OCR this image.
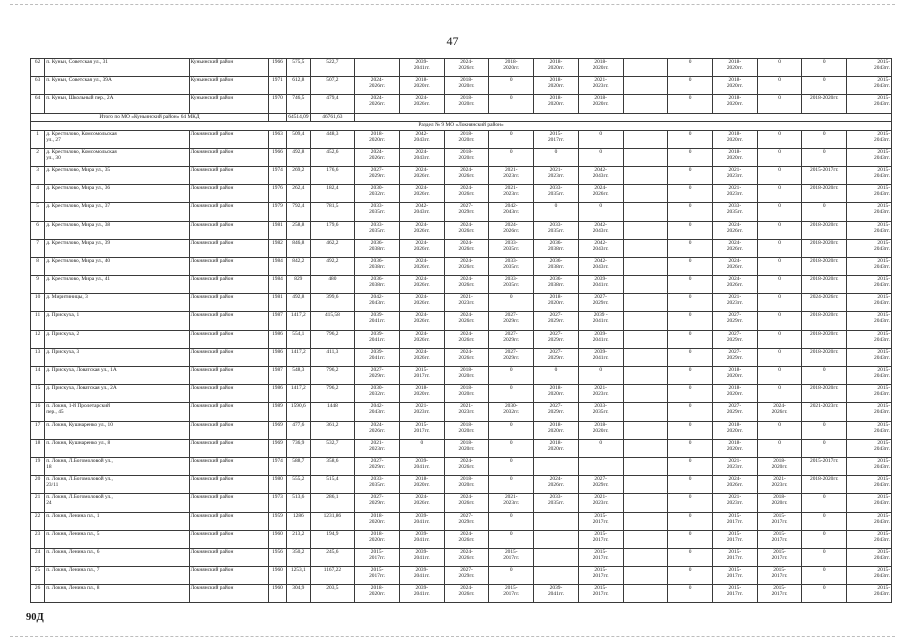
47
62	п. Куньи, Советская ул., 31	Куньинский район	1966	575,5	522,7		2039-
2041гг.	2024-
2026гг.	2018-
2020гг.	2018-
2020гг.	2018-
2020гг.		0	2018-
2020гг.	0	0	2015-
2043гг.
63	п. Куньи, Советская ул., 39А	Куньинский район	1971	612,8	507,2	2024-
2026гг.	2018-
2020гг.	2018-
2020гг.	0	2018-
2020гг.	2021-
2023гг.		0	2018-
2020гг.	0	0	2015-
2043гг.
64	п. Куньи, Школьный пер., 2А	Куньинский район	1970	746,5	479,4	2024-
2026гг.	2024-
2026гг.	2018-
2020гг.	0	2018-
2020гг.	2018-
2020гг.		0	2018-
2020гг.	0	2018-2020гг.	2015-
2043гг.
Итого по МО «Куньинский район» 64 МКД				64514,09	46761,63												
Раздел № 9 МО «Локнянский район»																	
1	д. Крестилово, Комсомольская
ул., 27	Локнянский район	1963	509,4	448,3	2018-
2020гг.	2042-
2043гг.	2018-
2020гг.	0	2015-
2017гг.	0		0	2018-
2020гг.	0	0	2015-
2043гг.
2	д. Крестилово, Комсомольская
ул., 30	Локнянский район	1966	492,8	452,6	2024-
2026гг.	2024-
2043гг.	2018-
2020гг.	0	0	0		0	2018-
2020гг.	0	0	2015-
2043гг.
3	д. Крестилово, Мира ул., 35	Локнянский район	1974	269,2	176,6	2027-
2029гг.	2024-
2026гг.	2024-
2026гг.	2021-
2023гг.	2021-
2023гг.	2042-
2043гг.		0	2021-
2023гг.	0	2015-2017гг.	2015-
2043гг.
4	д. Крестилово, Мира ул., 36	Локнянский район	1976	262,4	182,4	2030-
2032гг.	2024-
2026гг.	2024-
2026гг.	2021-
2023гг.	2033-
2035гг.	2024-
2026гг.		0	2021-
2023гг.	0	2018-2020гг.	2015-
2043гг.
5	д. Крестилово, Мира ул., 37	Локнянский район	1979	792,4	781,5	2033-
2035гг.	2042-
2043гг.	2027-
2029гг.	2042-
2043гг.	0	0		0	2033-
2035гг.	0	0	2015-
2043гг.
6	д. Крестилово, Мира ул., 38	Локнянский район	1981	258,8	179,6	2033-
2035гг.	2024-
2026гг.	2024-
2026гг.	2024-
2026гг.	2033-
2035гг.	2042-
2043гг.		0	2024-
2026гг.	0	2018-2020гг.	2015-
2043гг.
7	д. Крестилово, Мира ул., 39	Локнянский район	1982	846,8	462,2	2036-
2038гг.	2024-
2026гг.	2024-
2026гг.	2033-
2035гг.	2036-
2038гг.	2042-
2043гг.		0	2024-
2026гг.	0	2018-2020гг.	2015-
2043гг.
8	д. Крестилово, Мира ул., 40	Локнянский район	1984	842,2	492,2	2036-
2038гг.	2024-
2026гг.	2024-
2026гг.	2033-
2035гг.	2036-
2038гг.	2042-
2043гг.		0	2024-
2026гг.	0	2018-2020гг.	2015-
2043гг.
9	д. Крестилово, Мира ул., 41	Локнянский район	1984	829	480	2036-
2038гг.	2024-
2026гг.	2024-
2026гг.	2033-
2035гг.	2036-
2038гг.	2039-
2041гг.		0	2024-
2026гг.	0	2018-2020гг.	2015-
2043гг.
10	д. Миритиницы, 3	Локнянский район	1981	492,8	399,6	2042-
2043гг.	2024-
2026гг.	2021-
2023гг.	0	2018-
2020гг.	2027-
2029гг.		0	2021-
2023гг.	0	2024-2026гг.	2015-
2043гг.
11	д. Прискуха, 1	Локнянский район	1987	1417,2	415,58	2039-
2041гг.	2024-
2026гг.	2024-
2026гг.	2027-
2029гг.	2027-
2029гг.	2039 -
2041гг.		0	2027-
2029гг.	0	2018-2020гг.	2015-
2043гг.
12	д. Прискуха, 2	Локнянский район	1986	554,1	796,2	2039-
2041гг.	2024-
2026гг.	2024-
2026гг.	2027-
2029гг.	2027-
2029гг.	2039-
2041гг.		0	2027-
2029гг.	0	2018-2020гг.	2015-
2043гг.
13	д. Прискуха, 3	Локнянский район	1986	1417,2	411,3	2039-
2041гг.	2024-
2026гг.	2024-
2026гг.	2027-
2029гг.	2027-
2029гг.	2039-
2041гг.		0	2027-
2029гг.	0	2018-2020гг.	2015-
2043гг.
14	д. Прискуха, Ловатская ул., 1А	Локнянский район	1987	548,3	796,2	2027-
2029гг.	2015-
2017гг.	2018-
2020гг.	0	0	0		0	2018-
2020гг.	0	0	2015-
2043гг.
15	д. Прискуха, Ловатская ул., 2А	Локнянский район	1986	1417,2	796,2	2030-
2032гг.	2018-
2020гг.	2018-
2020гг.	0	2018-
2020гг.	2021-
2023гг.		0	2018-
2020гг.	0	2018-2020гг.	2015-
2043гг.
16	п. Локня, 1-й Пролетарский
пер., 45	Локнянский район	1989	1590,6	1448	2042-
2043гг.	2021-
2023гг.	2021-
2023гг.	2030-
2032гг.	2027-
2029гг.	2033-
2035гг.		0	2027-
2029гг.	2024-
2026гг.	2021-2023гг.	2015-
2043гг.
17	п. Локня, Кушнаренко ул., 10	Локнянский район	1969	477,6	361,2	2024-
2026гг.	2015-
2017гг.	2018-
2020гг.	0	2018-
2020гг.	2018-
2020гг.		0	2018-
2020гг.	0	0	2015-
2043гг.
18	п. Локня, Кушнаренко ул., 8	Локнянский район	1969	736,9	532,7	2021-
2023гг.	0	2018-
2020гг.	0	2018-
2020гг.	0		0	2018-
2020гг.	0	0	2015-
2043гг.
19	п. Локня, Л.Богомоловой ул.,
18	Локнянский район	1974	588,7	358,6	2027-
2029гг.	2039-
2041гг.	2024-
2026гг.	0				0	2021-
2023гг.	2018-
2020гг.	2015-2017гг.	2015-
2043гг.
20	п. Локня, Л.Богомоловой ул.,
23/11	Локнянский район	1980	555,2	515,4	2033-
2035гг.	2018-
2020гг.	2018-
2020гг.	0	2024-
2026гг.	2027-
2029гг.		0	2024-
2026гг.	2021-
2023гг.	2018-2020гг.	2015-
2043гг.
21	п. Локня, Л.Богомоловой ул.,
24	Локнянский район	1973	513,6	286,1	2027-
2029гг.	2024-
2026гг.	2024-
2026гг.	2021-
2023гг.	2033-
2035гг.	2021-
2023гг.		0	2021-
2023гг.	2018-
2020гг.	0	2015-
2043гг.
22	п. Локня, Ленина пл., 1	Локнянский район	1959	1286	1231,86	2018-
2020гг.	2039-
2041гг.	2027-
2029гг.	0		2015-
2017гг.		0	2015-
2017гг.	2015-
2017гг.	0	2015-
2043гг.
23	п. Локня, Ленина пл., 5	Локнянский район	1960	213,2	194,9	2018-
2020гг.	2039-
2041гг.	2024-
2026гг.	0		2015-
2017гг.		0	2015-
2017гг.	2015-
2017гг.	0	2015-
2043гг.
24	п. Локня, Ленина пл., 6	Локнянский район	1956	350,2	245,6	2015-
2017гг.	2039-
2041гг.	2024-
2026гг.	2015-
2017гг.		2015-
2017гг.		0	2015-
2017гг.	2015-
2017гг.	0	2015-
2043гг.
25	п. Локня, Ленина пл., 7	Локнянский район	1960	1253,1	1167,22	2015-
2017гг.	2039-
2041гг.	2027-
2029гг.	0		2015-
2017гг.		0	2015-
2017гг.	2015-
2017гг.	0	2015-
2043гг.
26	п. Локня, Ленина пл., 8	Локнянский район	1960	304,9	203,5	2018-
2020гг.	2039-
2041гг.	2024-
2026гг.	2015-
2017гг.	2039-
2041гг.	2015-
2017гг.		0	2015-
2017гг.	2015-
2017гг.	0	2015-
2043гг.
90Д
